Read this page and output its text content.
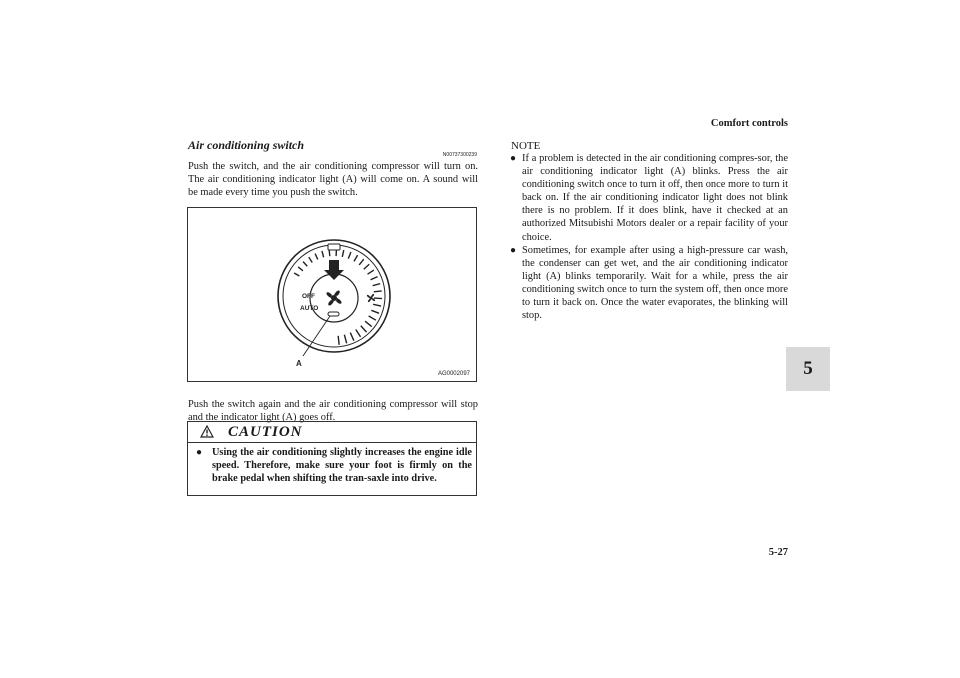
Comfort controls
5
5-27
Air conditioning switch
N00737300239
Push the switch, and the air conditioning compressor will turn on. The air conditioning indicator light (A) will come on. A sound will be made every time you push the switch.
OFF
AUTO
A
AG0002097
Push the switch again and the air conditioning compressor will stop and the indicator light (A) goes off.
CAUTION
● Using the air conditioning slightly increases the engine idle speed. Therefore, make sure your foot is firmly on the brake pedal when shifting the tran-saxle into drive.
NOTE

● If a problem is detected in the air conditioning compres-sor, the air conditioning indicator light (A) blinks. Press the air conditioning switch once to turn it off, then once more to turn it back on. If the air conditioning indicator light does not blink there is no problem. If it does blink, have it checked at an authorized Mitsubishi Motors dealer or a repair facility of your choice.

● Sometimes, for example after using a high-pressure car wash, the condenser can get wet, and the air conditioning indicator light (A) blinks temporarily. Wait for a while, press the air conditioning switch once to turn the system off, then once more to turn it back on. Once the water evaporates, the blinking will stop.
